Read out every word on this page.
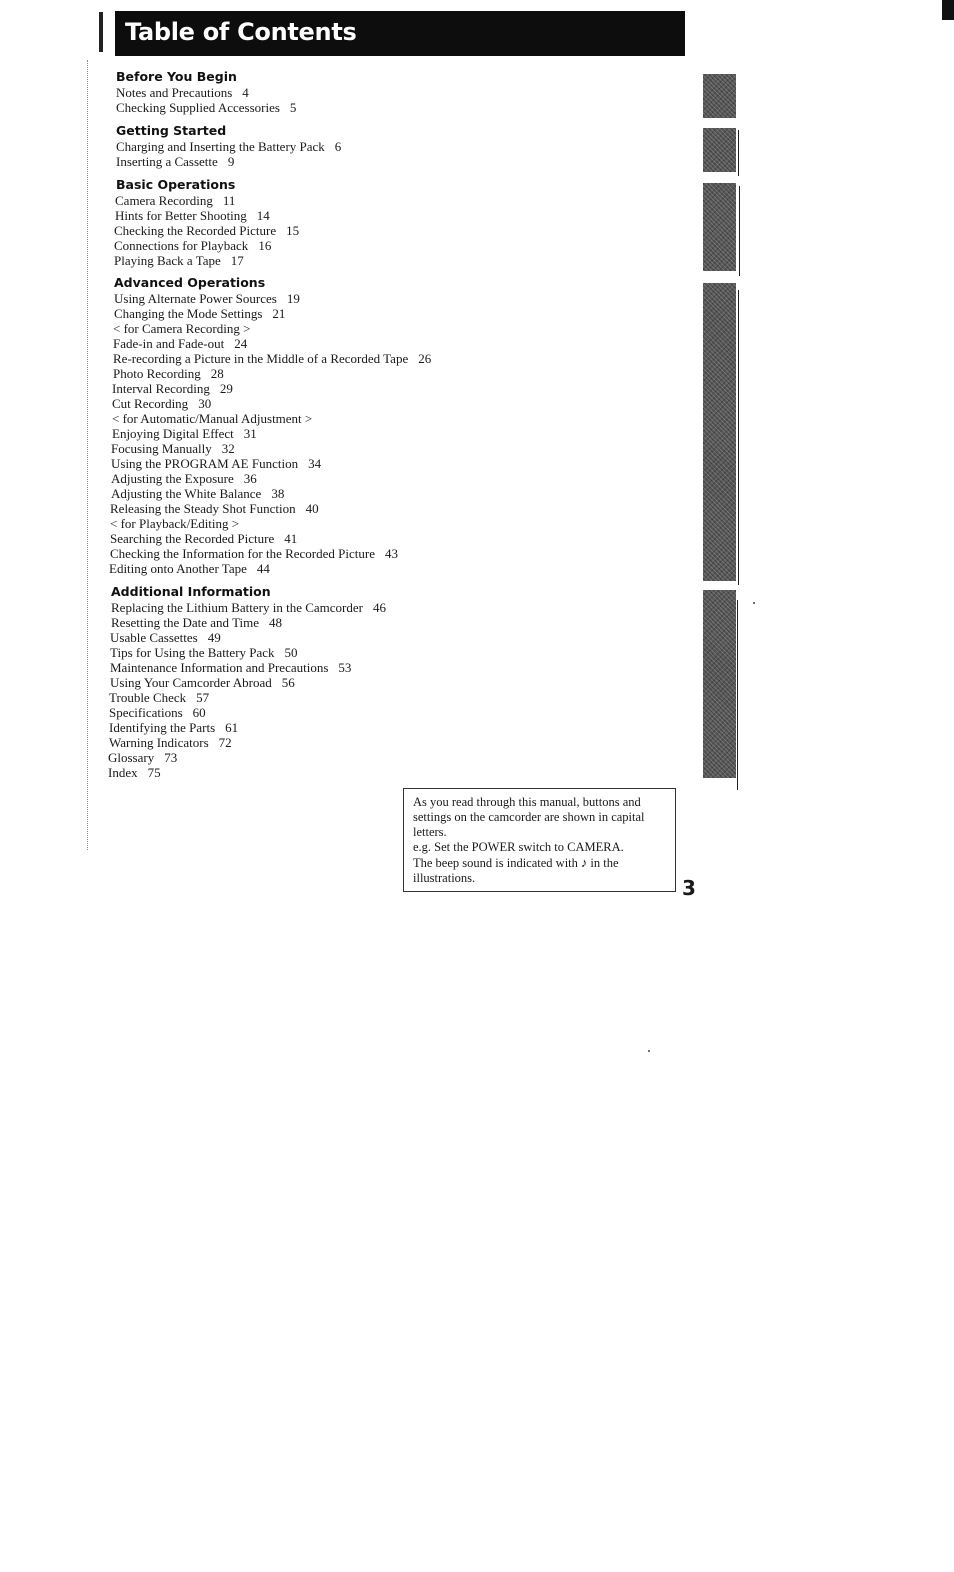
Table of Contents
Before You Begin
Notes and Precautions 4
Checking Supplied Accessories 5
Getting Started
Charging and Inserting the Battery Pack 6
Inserting a Cassette 9
Basic Operations
Camera Recording 11
Hints for Better Shooting 14
Checking the Recorded Picture 15
Connections for Playback 16
Playing Back a Tape 17
Advanced Operations
Using Alternate Power Sources 19
Changing the Mode Settings 21
< for Camera Recording >
Fade-in and Fade-out 24
Re-recording a Picture in the Middle of a Recorded Tape 26
Photo Recording 28
Interval Recording 29
Cut Recording 30
< for Automatic/Manual Adjustment >
Enjoying Digital Effect 31
Focusing Manually 32
Using the PROGRAM AE Function 34
Adjusting the Exposure 36
Adjusting the White Balance 38
Releasing the Steady Shot Function 40
< for Playback/Editing >
Searching the Recorded Picture 41
Checking the Information for the Recorded Picture 43
Editing onto Another Tape 44
Additional Information
Replacing the Lithium Battery in the Camcorder 46
Resetting the Date and Time 48
Usable Cassettes 49
Tips for Using the Battery Pack 50
Maintenance Information and Precautions 53
Using Your Camcorder Abroad 56
Trouble Check 57
Specifications 60
Identifying the Parts 61
Warning Indicators 72
Glossary 73
Index 75

As you read through this manual, buttons and settings on the camcorder are shown in capital letters.

e.g. Set the POWER switch to CAMERA.

The beep sound is indicated with ♪ in the illustrations.	3
